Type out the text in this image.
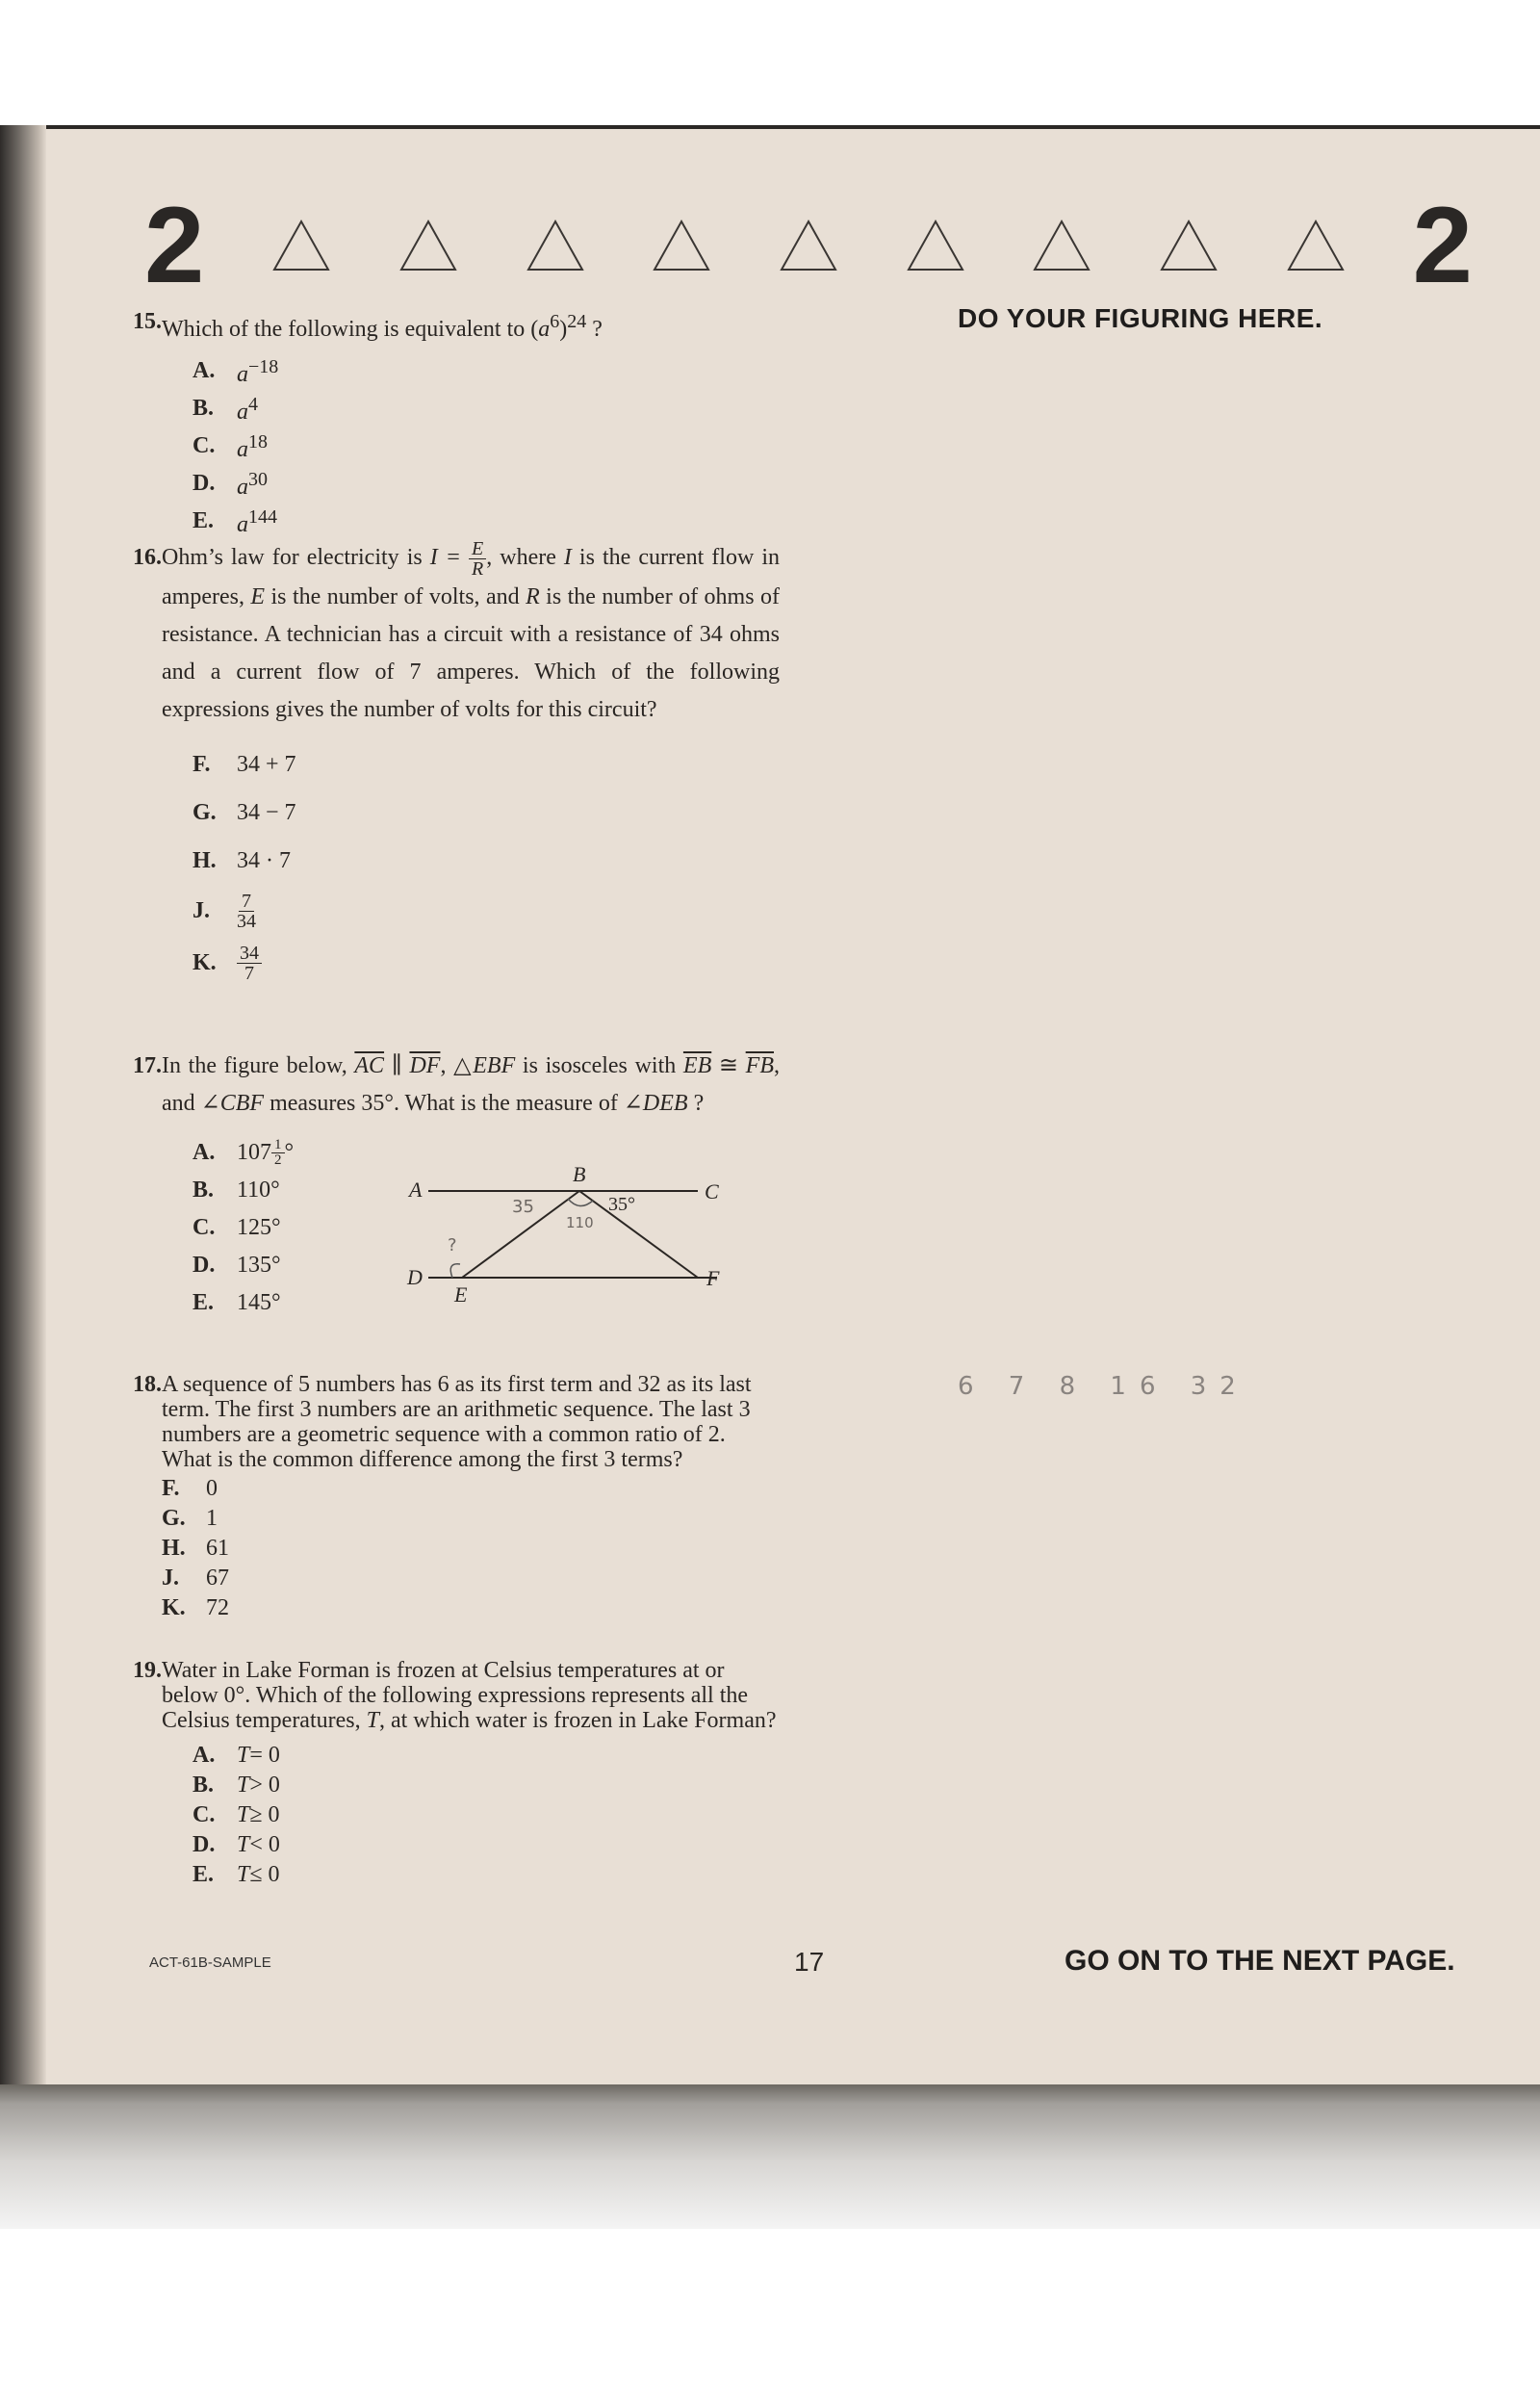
2	2
DO YOUR FIGURING HERE.
15. Which of the following is equivalent to $(a^6)^{24}$ ?
A. $a^{-18}$
B. $a^4$
C. $a^{18}$
D. $a^{30}$
E. $a^{144}$
16. Ohm’s law for electricity is $I = \frac{E}{R}$ , where I is the current flow in amperes, E is the number of volts, and R is the number of ohms of resistance. A technician has a circuit with a resistance of 34 ohms and a current flow of 7 amperes. Which of the following expressions gives the number of volts for this circuit?
F.	34 + 7
G. 34 − 7
H. 34 · 7
J.	$\frac{7}{34}$
K.	$\frac{34}{7}$
17. In the figure below, $\overline{AC}$ ∥ $\overline{DF}$, △EBF is isosceles with $\overline{EB}$ ≅ $\overline{FB}$, and ∠CBF measures 35°. What is the measure of ∠DEB ?
A. $107 \frac{1}{2}$ °
B. 110°
C. 125°
D. 135°
E. 145°
A
B
C
D
E
F
35°
35
110
?
18. A sequence of 5 numbers has 6 as its first term and 32 as its last term. The first 3 numbers are an arithmetic sequence. The last 3 numbers are a geometric sequence with a common ratio of 2. What is the common difference among the first 3 terms?
F.	0
G. 1
H. 61
J.	67
K. 72
19. Water in Lake Forman is frozen at Celsius temperatures at or below 0°. Which of the following expressions represents all the Celsius temperatures, T, at which water is frozen in Lake Forman?
A. T = 0
B. T > 0
C. T ≥ 0
D. T < 0
E. T ≤ 0
6 7 8 16 32
ACT-61B-SAMPLE	17	GO ON TO THE NEXT PAGE.
